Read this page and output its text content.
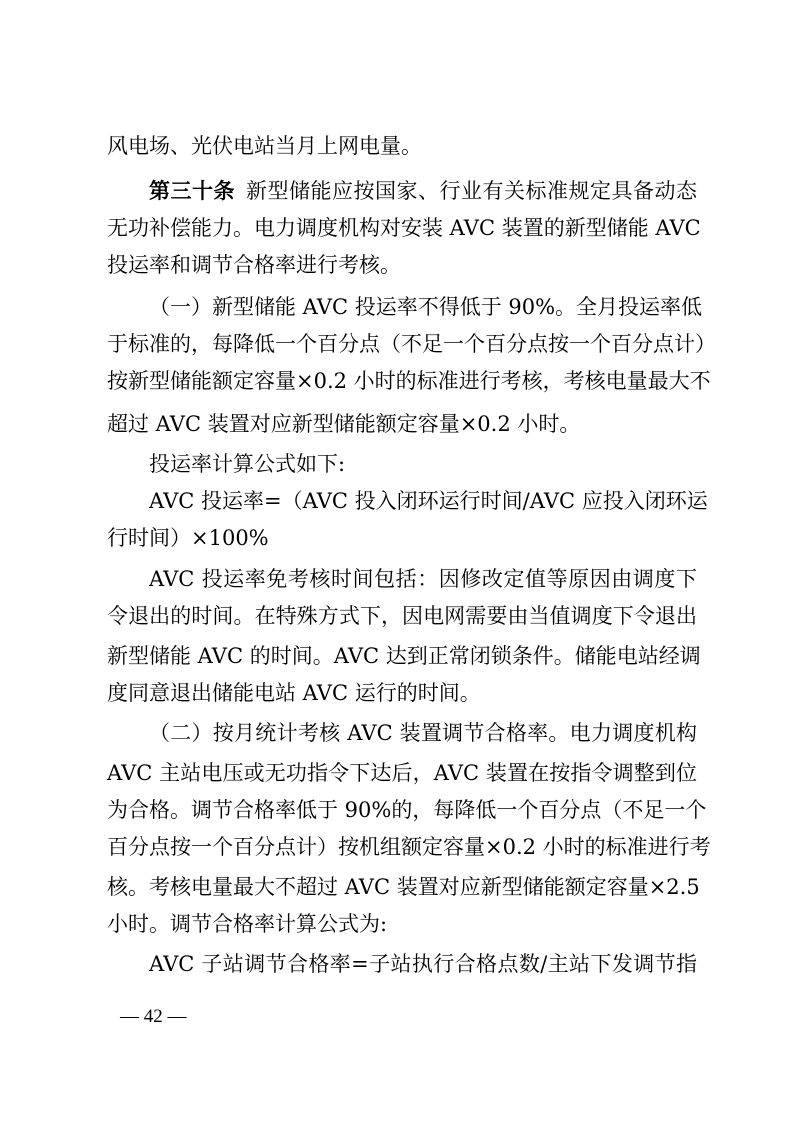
风电场、光伏电站当月上网电量。
第三十条  新型储能应按国家、行业有关标准规定具备动态
无功补偿能力。电力调度机构对安装 AVC 装置的新型储能 AVC
投运率和调节合格率进行考核。
（一）新型储能 AVC 投运率不得低于 90%。全月投运率低
于标准的，每降低一个百分点（不足一个百分点按一个百分点计）
按新型储能额定容量×0.2 小时的标准进行考核，考核电量最大不
超过 AVC 装置对应新型储能额定容量×0.2 小时。
投运率计算公式如下:
AVC 投运率=（AVC 投入闭环运行时间/AVC 应投入闭环运
行时间）×100%
AVC 投运率免考核时间包括：因修改定值等原因由调度下
令退出的时间。在特殊方式下，因电网需要由当值调度下令退出
新型储能 AVC 的时间。AVC 达到正常闭锁条件。储能电站经调
度同意退出储能电站 AVC 运行的时间。
（二）按月统计考核 AVC 装置调节合格率。电力调度机构
AVC 主站电压或无功指令下达后，AVC 装置在按指令调整到位
为合格。调节合格率低于 90%的，每降低一个百分点（不足一个
百分点按一个百分点计）按机组额定容量×0.2 小时的标准进行考
核。考核电量最大不超过 AVC 装置对应新型储能额定容量×2.5
小时。调节合格率计算公式为:
AVC 子站调节合格率=子站执行合格点数/主站下发调节指
— 42 —
